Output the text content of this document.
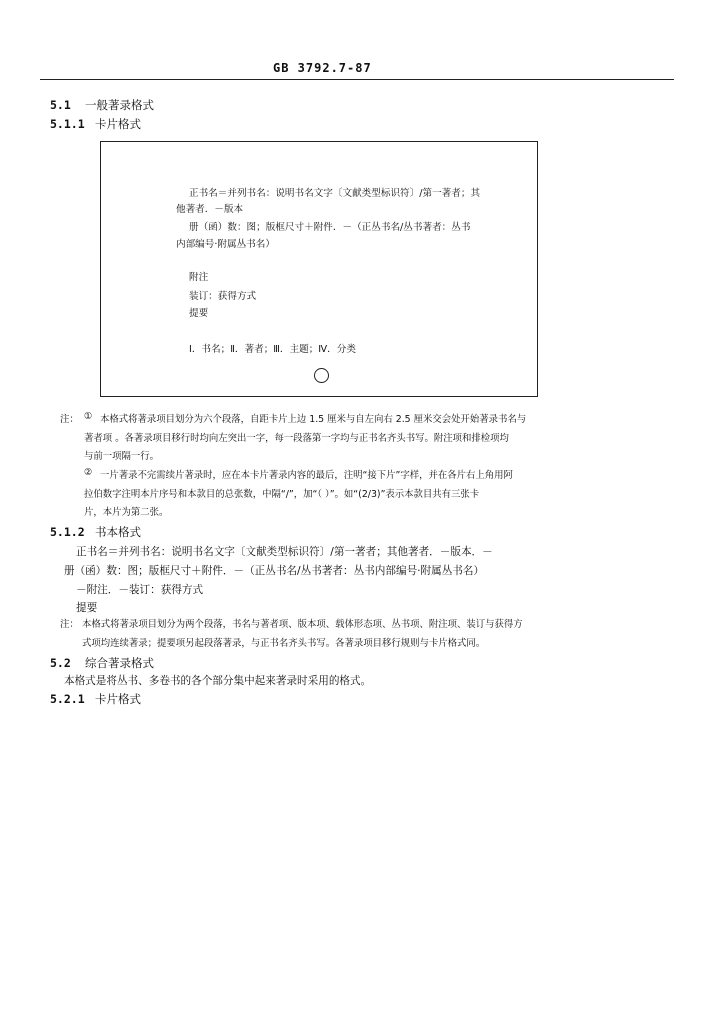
GB 3792.7-87
5.1 一般著录格式
5.1.1 卡片格式
正书名＝并列书名：说明书名文字〔文献类型标识符〕/第一著者；其
他著者．－版本
册（函）数：图；版框尺寸＋附件．－（正丛书名/丛书著者：丛书
内部编号·附属丛书名）
附注
装订：获得方式
提要
Ⅰ．书名；Ⅱ．著者；Ⅲ．主题；Ⅳ．分类
注： ① 本格式将著录项目划分为六个段落，自距卡片上边 1.5 厘米与自左向右 2.5 厘米交会处开始著录书名与
著者项 。各著录项目移行时均向左突出一字，每一段落第一字均与正书名齐头书写。附注项和排检项均
与前一项隔一行。
② 一片著录不完需续片著录时，应在本卡片著录内容的最后，注明“接下片”字样，并在各片右上角用阿
拉伯数字注明本片序号和本款目的总张数，中隔“/”，加“（ ）”。如“(2/3)”表示本款目共有三张卡
片，本片为第二张。
5.1.2 书本格式
正书名＝并列书名：说明书名文字〔文献类型标识符〕/第一著者；其他著者．－版本．－
册（函）数：图；版框尺寸＋附件．－（正丛书名/丛书著者：丛书内部编号·附属丛书名）
－附注．－装订：获得方式
提要
注： 本格式将著录项目划分为两个段落，书名与著者项、版本项、载体形态项、丛书项、附注项、装订与获得方
式项均连续著录；提要项另起段落著录，与正书名齐头书写。各著录项目移行规则与卡片格式同。
5.2 综合著录格式
本格式是将丛书、多卷书的各个部分集中起来著录时采用的格式。
5.2.1 卡片格式
